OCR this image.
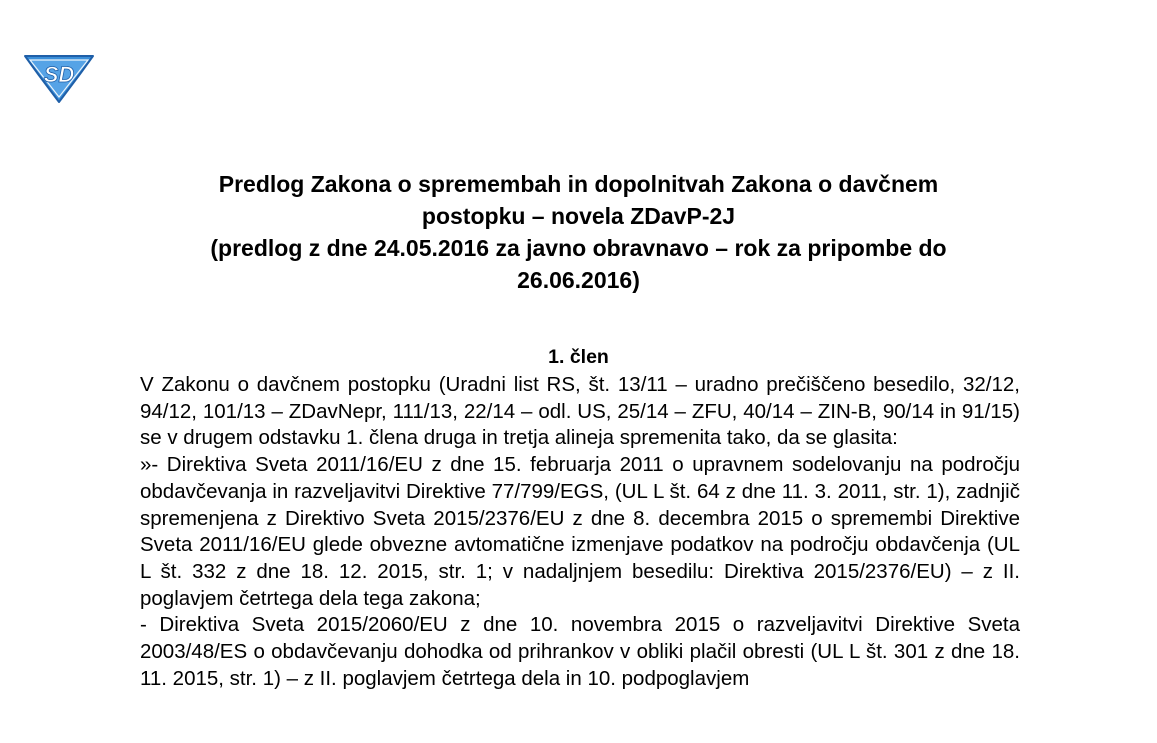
SD
Predlog Zakona o spremembah in dopolnitvah Zakona o davčnem
postopku – novela ZDavP-2J
(predlog z dne 24.05.2016 za javno obravnavo – rok za pripombe do
26.06.2016)
1. člen

V Zakonu o davčnem postopku (Uradni list RS, št. 13/11 – uradno prečiščeno besedilo, 32/12, 94/12, 101/13 – ZDavNepr, 111/13, 22/14 – odl. US, 25/14 – ZFU, 40/14 – ZIN-B, 90/14 in 91/15) se v drugem odstavku 1. člena druga in tretja alineja spremenita tako, da se glasita:

»- Direktiva Sveta 2011/16/EU z dne 15. februarja 2011 o upravnem sodelovanju na področju obdavčevanja in razveljavitvi Direktive 77/799/EGS, (UL L št. 64 z dne 11. 3. 2011, str. 1), zadnjič spremenjena z Direktivo Sveta 2015/2376/EU z dne 8. decembra 2015 o spremembi Direktive Sveta 2011/16/EU glede obvezne avtomatične izmenjave podatkov na področju obdavčenja (UL L št. 332 z dne 18. 12. 2015, str. 1; v nadaljnjem besedilu: Direktiva 2015/2376/EU) – z II. poglavjem četrtega dela tega zakona;

- Direktiva Sveta 2015/2060/EU z dne 10. novembra 2015 o razveljavitvi Direktive Sveta 2003/48/ES o obdavčevanju dohodka od prihrankov v obliki plačil obresti (UL L št. 301 z dne 18. 11. 2015, str. 1) – z II. poglavjem četrtega dela in 10. podpoglavjem
